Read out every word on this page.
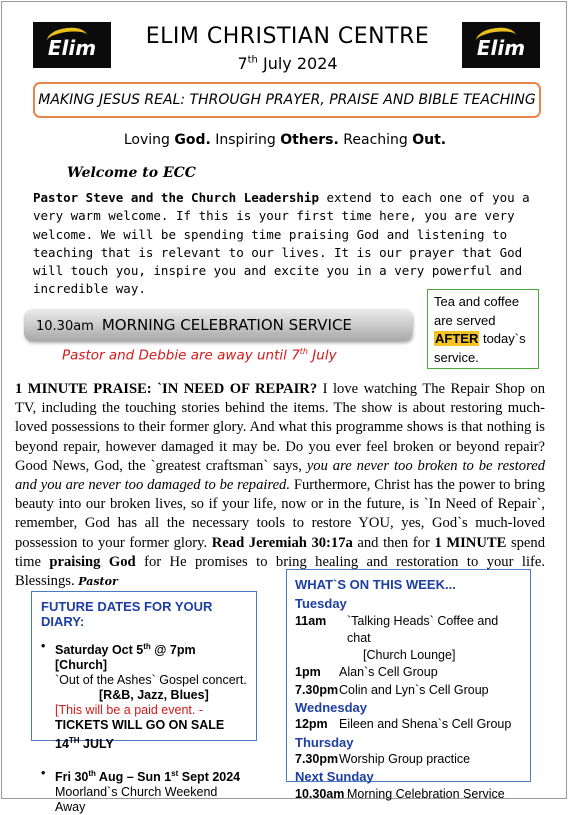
Elim	Elim
ELIM CHRISTIAN CENTRE
7th July 2024
MAKING JESUS REAL: THROUGH PRAYER, PRAISE AND BIBLE TEACHING
Loving God. Inspiring Others. Reaching Out.
Welcome to ECC
Pastor Steve and the Church Leadership extend to each one of you a very warm welcome. If this is your first time here, you are very welcome. We will be spending time praising God and listening to teaching that is relevant to our lives. It is our prayer that God will touch you, inspire you and excite you in a very powerful and incredible way.
Tea and coffee
are served
AFTER today`s
service.
10.30am MORNING CELEBRATION SERVICE
Pastor and Debbie are away until 7th July
1 MINUTE PRAISE: `IN NEED OF REPAIR? I love watching The Repair Shop on TV, including the touching stories behind the items. The show is about restoring much-loved possessions to their former glory. And what this programme shows is that nothing is beyond repair, however damaged it may be. Do you ever feel broken or beyond repair? Good News, God, the `greatest craftsman` says, you are never too broken to be restored and you are never too damaged to be repaired. Furthermore, Christ has the power to bring beauty into our broken lives, so if your life, now or in the future, is `In Need of Repair`, remember, God has all the necessary tools to restore YOU, yes, God`s much-loved possession to your former glory. Read Jeremiah 30:17a and then for 1 MINUTE spend time praising God for He promises to bring healing and restoration to your life. Blessings. Pastor
FUTURE DATES FOR YOUR DIARY:
• Saturday Oct 5th @ 7pm [Church]
`Out of the Ashes` Gospel concert.
[R&B, Jazz, Blues]
[This will be a paid event. - TICKETS WILL GO ON SALE 14TH JULY
• Fri 30th Aug – Sun 1st Sept 2024
Moorland`s Church Weekend Away
WHAT`S ON THIS WEEK...
Tuesday
11am	`Talking Heads` Coffee and chat
[Church Lounge]
1pm	Alan`s Cell Group
7.30pm Colin and Lyn`s Cell Group
Wednesday
12pm Eileen and Shena`s Cell Group
Thursday
7.30pm Worship Group practice
Next Sunday
10.30am Morning Celebration Service
